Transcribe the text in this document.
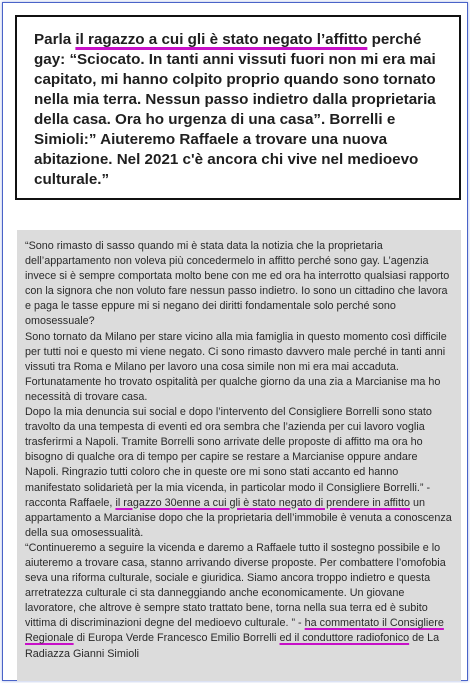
Parla il ragazzo a cui gli è stato negato l’affitto perché gay: “Sciocato. In tanti anni vissuti fuori non mi era mai capitato, mi hanno colpito proprio quando sono tornato nella mia terra. Nessun passo indietro dalla proprietaria della casa. Ora ho urgenza di una casa”. Borrelli e Simioli:” Aiuteremo Raffaele a trovare una nuova abitazione. Nel 2021 c'è ancora chi vive nel medioevo culturale.”

“Sono rimasto di sasso quando mi è stata data la notizia che la proprietaria dell’appartamento non voleva più concedermelo in affitto perché sono gay. L’agenzia invece si è sempre comportata molto bene con me ed ora ha interrotto qualsiasi rapporto con la signora che non voluto fare nessun passo indietro. Io sono un cittadino che lavora e paga le tasse eppure mi si negano dei diritti fondamentale solo perché sono omosessuale?

Sono tornato da Milano per stare vicino alla mia famiglia in questo momento così difficile per tutti noi e questo mi viene negato. Ci sono rimasto davvero male perché in tanti anni vissuti tra Roma e Milano per lavoro una cosa simile non mi era mai accaduta.

Fortunatamente ho trovato ospitalità per qualche giorno da una zia a Marcianise ma ho necessità di trovare casa.

Dopo la mia denuncia sui social e dopo l’intervento del Consigliere Borrelli sono stato travolto da una tempesta di eventi ed ora sembra che l’azienda per cui lavoro voglia trasferirmi a Napoli. Tramite Borrelli sono arrivate delle proposte di affitto ma ora ho bisogno di qualche ora di tempo per capire se restare a Marcianise oppure andare Napoli. Ringrazio tutti coloro che in queste ore mi sono stati accanto ed hanno manifestato solidarietà per la mia vicenda, in particolar modo il Consigliere Borrelli.” - racconta Raffaele, il ragazzo 30enne a cui gli è stato negato di prendere in affitto un appartamento a Marcianise dopo che la proprietaria dell’immobile è venuta a conoscenza della sua omosessualità.

“Continueremo a seguire la vicenda e daremo a Raffaele tutto il sostegno possibile e lo aiuteremo a trovare casa, stanno arrivando diverse proposte. Per combattere l’omofobia seva una riforma culturale, sociale e giuridica. Siamo ancora troppo indietro e questa arretratezza culturale ci sta danneggiando anche economicamente. Un giovane lavoratore, che altrove è sempre stato trattato bene, torna nella sua terra ed è subito vittima di discriminazioni degne del medioevo culturale. ” - ha commentato il Consigliere Regionale di Europa Verde Francesco Emilio Borrelli ed il conduttore radiofonico de La Radiazza Gianni Simioli
